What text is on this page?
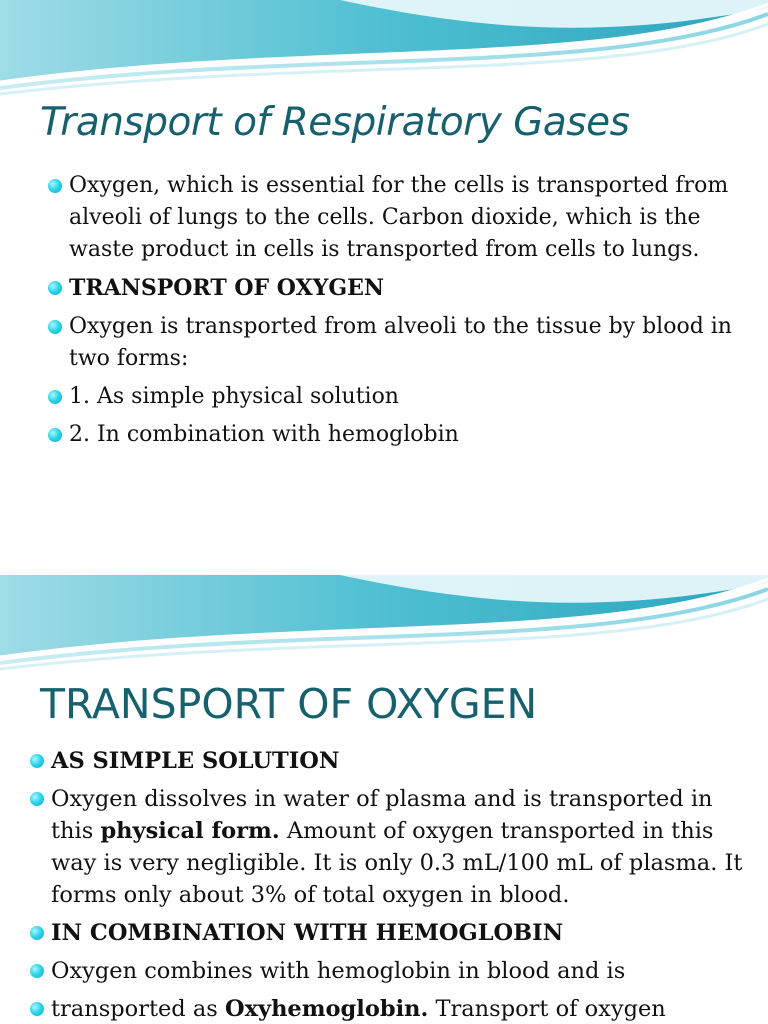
Transport of Respiratory Gases
Oxygen, which is essential for the cells is transported from alveoli of lungs to the cells. Carbon dioxide, which is the waste product in cells is transported from cells to lungs.
TRANSPORT OF OXYGEN
Oxygen is transported from alveoli to the tissue by blood in two forms:
1. As simple physical solution
2. In combination with hemoglobin
TRANSPORT OF OXYGEN
AS SIMPLE SOLUTION
Oxygen dissolves in water of plasma and is transported in this physical form. Amount of oxygen transported in this way is very negligible. It is only 0.3 mL/100 mL of plasma. It forms only about 3% of total oxygen in blood.
IN COMBINATION WITH HEMOGLOBIN
Oxygen combines with hemoglobin in blood and is
transported as Oxyhemoglobin. Transport of oxygen
